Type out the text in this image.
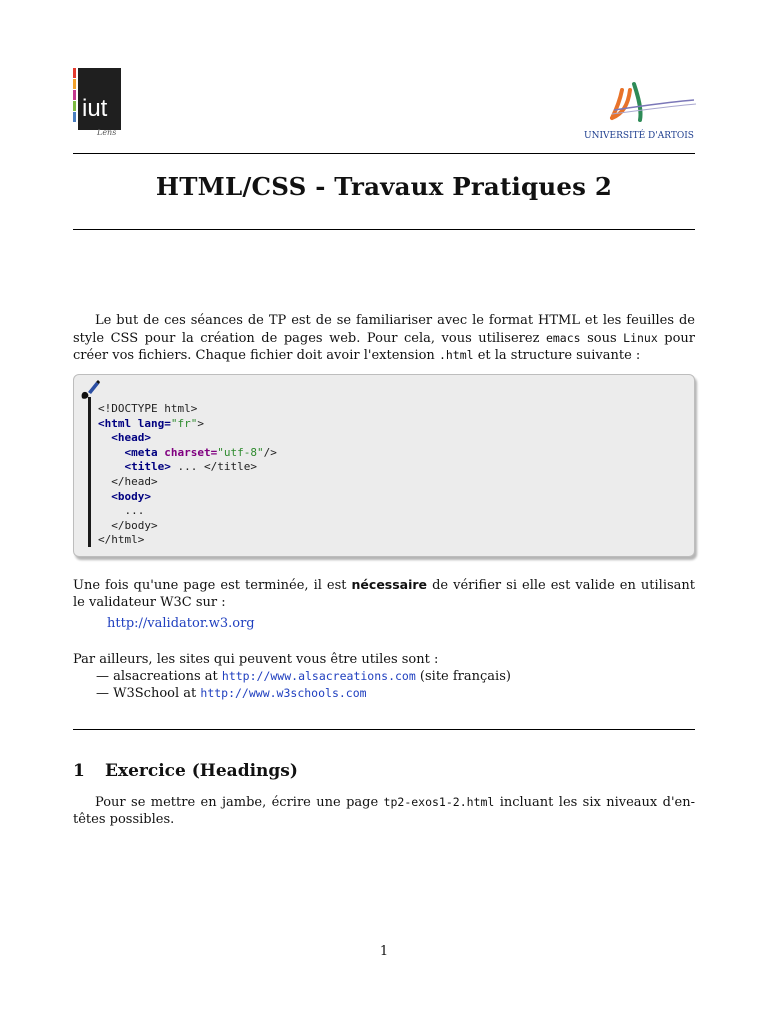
iut
Lens	UNIVERSITÉ D'ARTOIS
HTML/CSS - Travaux Pratiques 2
Le but de ces séances de TP est de se familiariser avec le format HTML et les feuilles de style CSS pour la création de pages web. Pour cela, vous utiliserez emacs sous Linux pour créer vos fichiers. Chaque fichier doit avoir l'extension .html et la structure suivante :
<!DOCTYPE html>
<html lang="fr">
<head>
<meta charset="utf-8"/>
<title> ... </title>
</head>
<body>
...
</body>
</html>
Une fois qu'une page est terminée, il est nécessaire de vérifier si elle est valide en utilisant le validateur W3C sur :
http://validator.w3.org
Par ailleurs, les sites qui peuvent vous être utiles sont :
— alsacreations at http://www.alsacreations.com (site français)
— W3School at http://www.w3schools.com
1 Exercice (Headings)
Pour se mettre en jambe, écrire une page tp2-exos1-2.html incluant les six niveaux d'en-têtes possibles.
1
